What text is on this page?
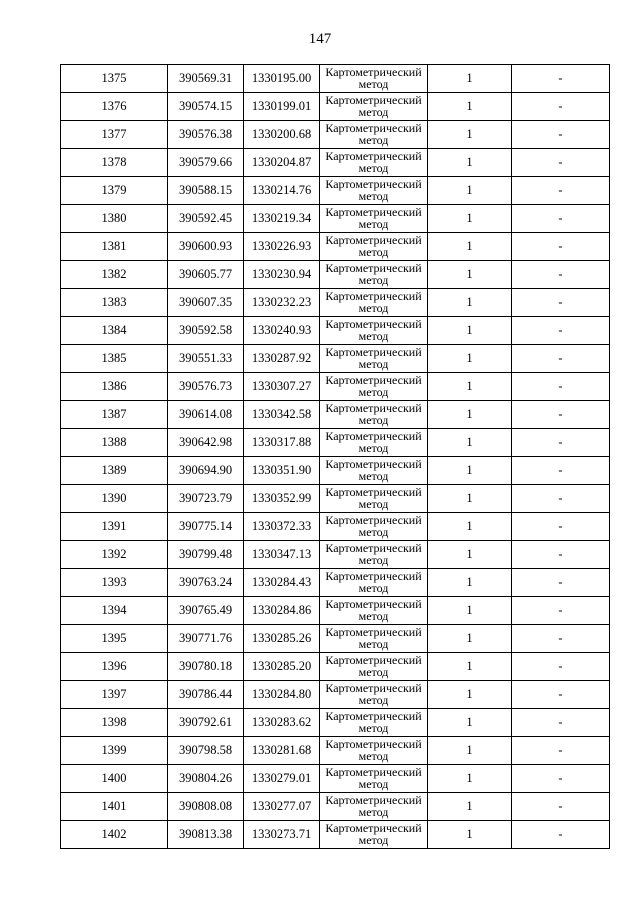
147
1375	390569.31	1330195.00	Картометрический метод	1	-
1376	390574.15	1330199.01	Картометрический метод	1	-
1377	390576.38	1330200.68	Картометрический метод	1	-
1378	390579.66	1330204.87	Картометрический метод	1	-
1379	390588.15	1330214.76	Картометрический метод	1	-
1380	390592.45	1330219.34	Картометрический метод	1	-
1381	390600.93	1330226.93	Картометрический метод	1	-
1382	390605.77	1330230.94	Картометрический метод	1	-
1383	390607.35	1330232.23	Картометрический метод	1	-
1384	390592.58	1330240.93	Картометрический метод	1	-
1385	390551.33	1330287.92	Картометрический метод	1	-
1386	390576.73	1330307.27	Картометрический метод	1	-
1387	390614.08	1330342.58	Картометрический метод	1	-
1388	390642.98	1330317.88	Картометрический метод	1	-
1389	390694.90	1330351.90	Картометрический метод	1	-
1390	390723.79	1330352.99	Картометрический метод	1	-
1391	390775.14	1330372.33	Картометрический метод	1	-
1392	390799.48	1330347.13	Картометрический метод	1	-
1393	390763.24	1330284.43	Картометрический метод	1	-
1394	390765.49	1330284.86	Картометрический метод	1	-
1395	390771.76	1330285.26	Картометрический метод	1	-
1396	390780.18	1330285.20	Картометрический метод	1	-
1397	390786.44	1330284.80	Картометрический метод	1	-
1398	390792.61	1330283.62	Картометрический метод	1	-
1399	390798.58	1330281.68	Картометрический метод	1	-
1400	390804.26	1330279.01	Картометрический метод	1	-
1401	390808.08	1330277.07	Картометрический метод	1	-
1402	390813.38	1330273.71	Картометрический метод	1	-
